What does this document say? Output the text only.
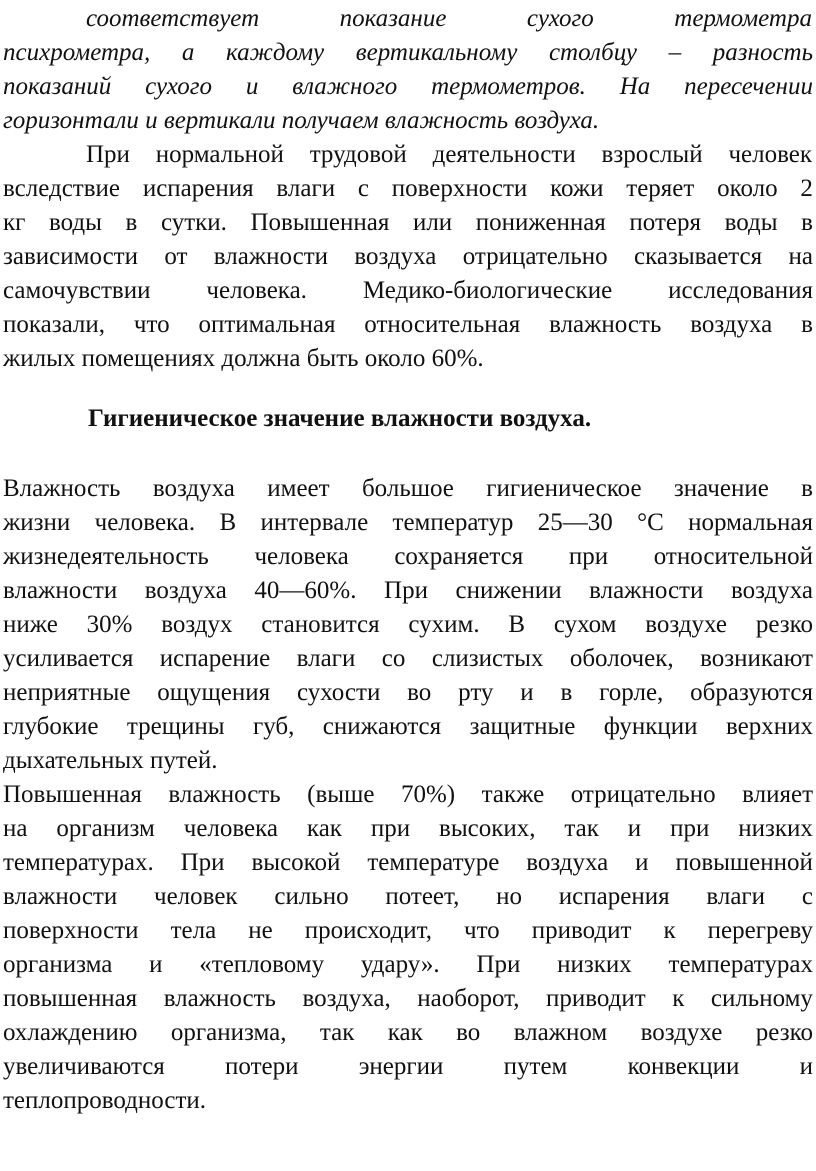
соответствует	показание	сухого	термометра
психрометра, а каждому вертикальному столбцу – разность
показаний сухого и влажного термометров. На пересечении
горизонтали и вертикали получаем влажность воздуха.
При нормальной трудовой деятельности взрослый человек
вследствие испарения влаги с поверхности кожи теряет около 2
кг воды в сутки. Повышенная или пониженная потеря воды в
зависимости от влажности воздуха отрицательно сказывается на
самочувствии человека. Медико-биологические исследования
показали, что оптимальная относительная влажность воздуха в
жилых помещениях должна быть около 60%.
Гигиеническое значение влажности воздуха.
Влажность воздуха имеет большое гигиеническое значение в
жизни человека. В интервале температур 25—30 °С нормальная
жизнедеятельность человека сохраняется при относительной
влажности воздуха 40—60%. При снижении влажности воздуха
ниже 30% воздух становится сухим. В сухом воздухе резко
усиливается испарение влаги со слизистых оболочек, возникают
неприятные ощущения сухости во рту и в горле, образуются
глубокие трещины губ, снижаются защитные функции верхних
дыхательных путей.
Повышенная влажность (выше 70%) также отрицательно влияет
на организм человека как при высоких, так и при низких
температурах. При высокой температуре воздуха и повышенной
влажности человек сильно потеет, но испарения влаги с
поверхности тела не происходит, что приводит к перегреву
организма и «тепловому удару». При низких температурах
повышенная влажность воздуха, наоборот, приводит к сильному
охлаждению организма, так как во влажном воздухе резко
увеличиваются потери энергии путем конвекции и
теплопроводности.
